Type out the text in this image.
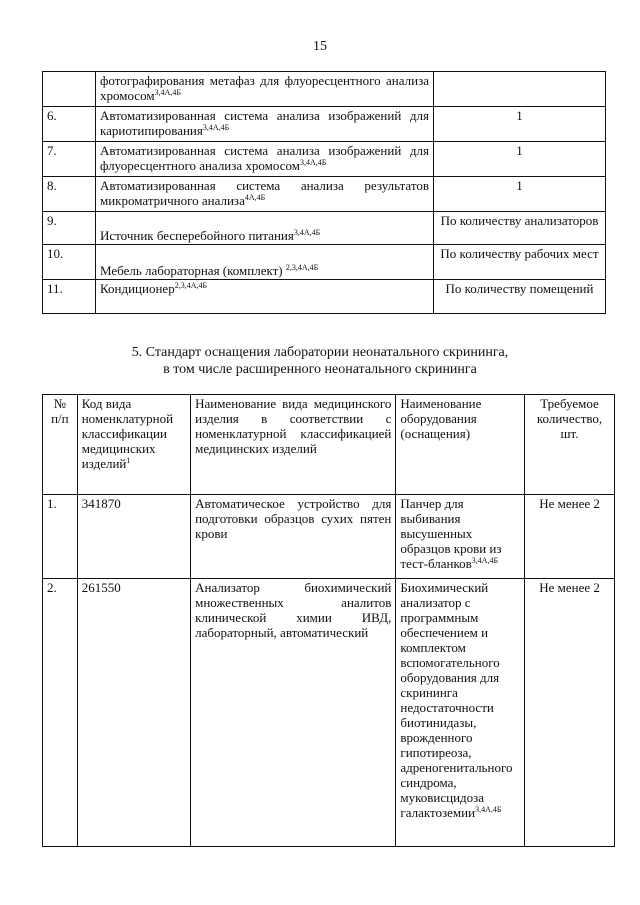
15
	фотографирования метафаз для флуоресцентного анализа хромосом$^{3,4А,4Б}$	
6.	Автоматизированная система анализа изображений для кариотипирования$^{3,4А,4Б}$	1
7.	Автоматизированная система анализа изображений для флуоресцентного анализа хромосом$^{3,4А,4Б}$	1
8.	Автоматизированная система анализа результатов микроматричного анализа$^{4А,4Б}$	1
9.	Источник бесперебойного питания$^{3,4А,4Б}$	По количеству анализаторов
10.	Мебель лабораторная (комплект) $^{2,3,4А,4Б}$	По количеству рабочих мест
11.	Кондиционер$^{2,3,4А,4Б}$	По количеству помещений
5. Стандарт оснащения лаборатории неонатального скрининга,
в том числе расширенного неонатального скрининга
№ п/п	Код вида номенклатурной классификации медицинских изделий$^1$	Наименование вида медицинского изделия в соответствии с номенклатурной классификацией медицинских изделий	Наименование оборудования (оснащения)	Требуемое количество, шт.
1.	341870	Автоматическое устройство для подготовки образцов сухих пятен крови	Панчер для выбивания высушенных образцов крови из тест-бланков$^{3,4А,4Б}$	Не менее 2
2.	261550	Анализатор биохимический множественных аналитов клинической химии ИВД, лабораторный, автоматический	Биохимический анализатор с программным обеспечением и комплектом вспомогательного оборудования для скрининга недостаточности биотинидазы, врожденного гипотиреоза, адреногенитального синдрома, муковисцидоза галактоземии$^{3,4А,4Б}$	Не менее 2
